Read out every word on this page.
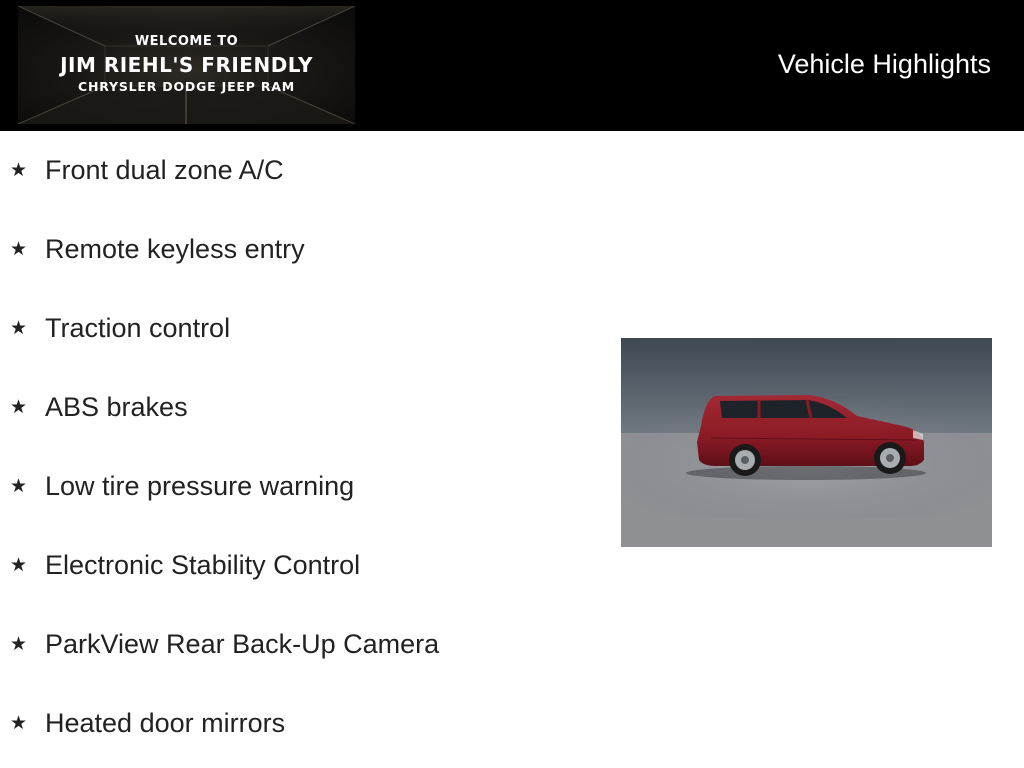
WELCOME TO
JIM RIEHL'S FRIENDLY
CHRYSLER DODGE JEEP RAM
Vehicle Highlights
★ Front dual zone A/C
★ Remote keyless entry
★ Traction control
★ ABS brakes
★ Low tire pressure warning
★ Electronic Stability Control
★ ParkView Rear Back-Up Camera
★ Heated door mirrors
